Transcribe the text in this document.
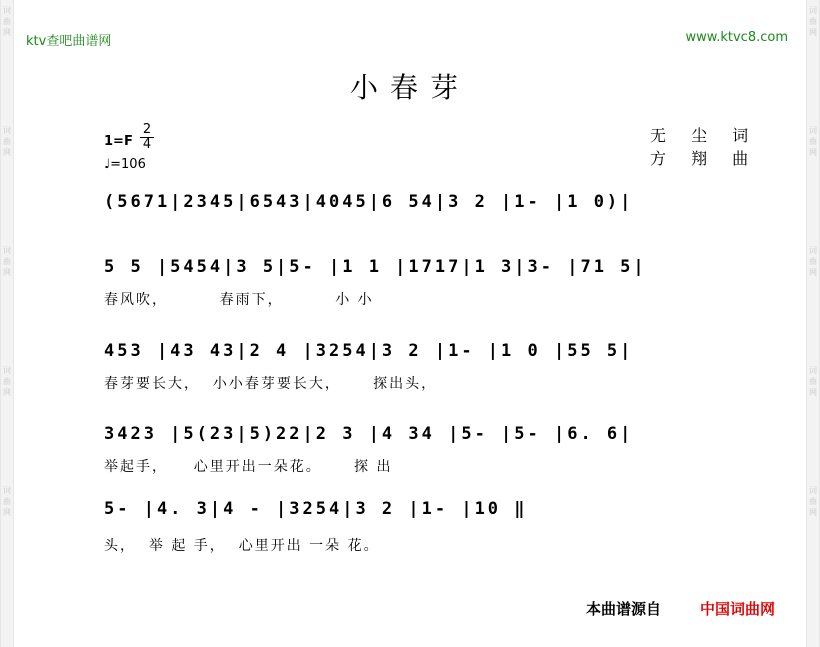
词曲网
词曲网
词曲网
词曲网
词曲网
词曲网
词曲网
词曲网
词曲网
词曲网
ktv查吧曲谱网	www.ktvc8.com
小春芽
$1=F \frac{2}{4}$
♩=106
无 尘 词
方 翔 曲
(5671|2345|6543|4045|6 54|3 2 |1- |1 0)|
5 5 |5454|3 5|5- |1 1 |1717|1 3|3- |71 5|
春风吹，        春雨下，        小 小
453 |43 43|2 4 |3254|3 2 |1- |1 0 |55 5|
春芽要长大，  小小春芽要长大，     探出头，
3423 |5(23|5)22|2 3 |4 34 |5- |5- |6. 6|
举起手，    心里开出一朵花。     探 出
5- |4. 3|4 - |3254|3 2 |1- |10 ‖
头，  举 起 手，  心里开出 一朵 花。
本曲谱源自	中国词曲网
